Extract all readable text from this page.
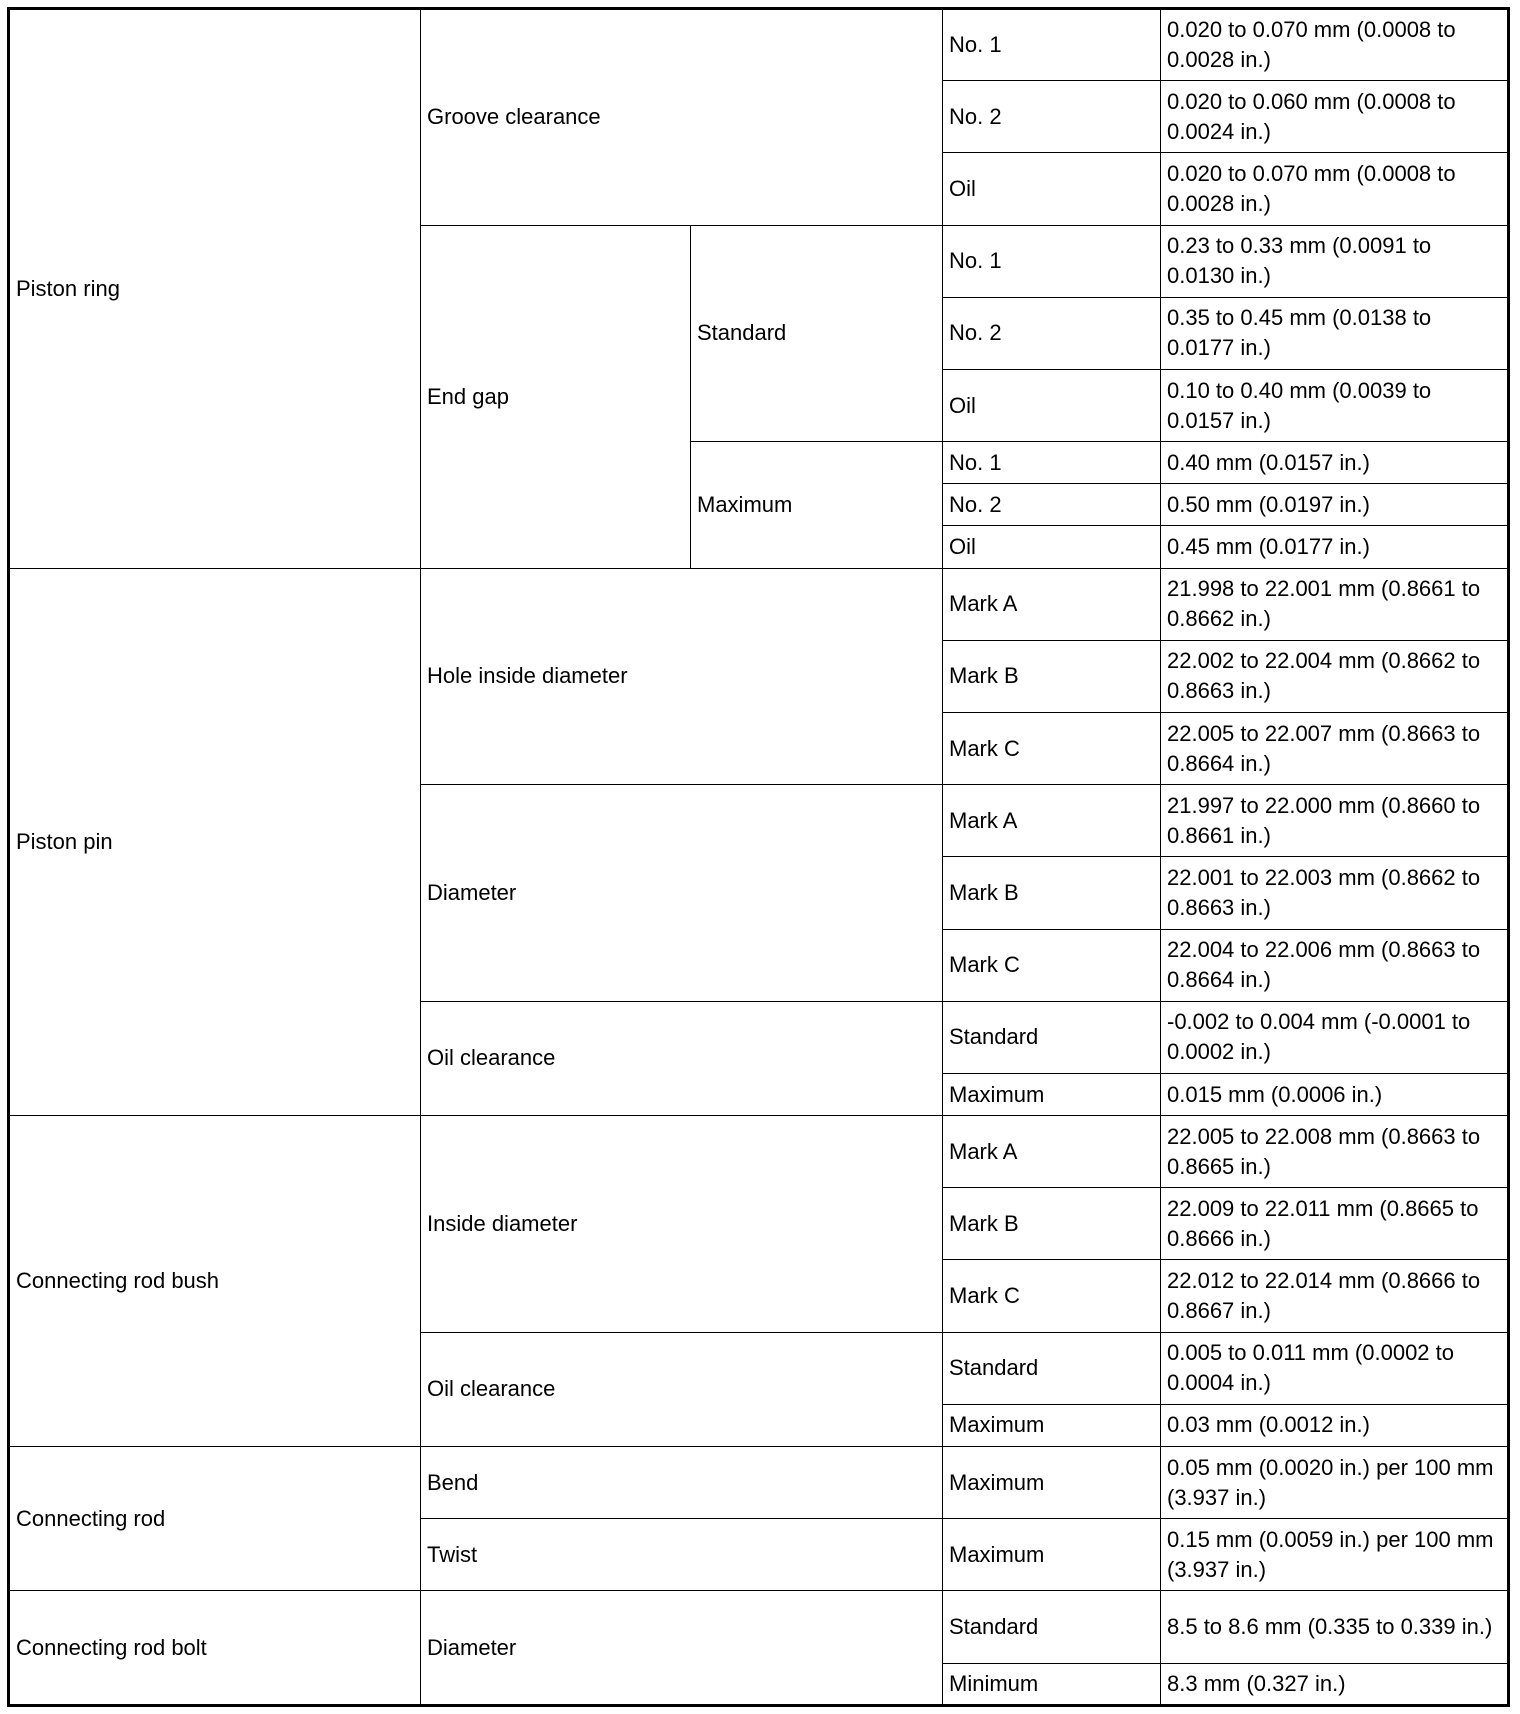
Piston ring	Groove clearance		No. 1	0.020 to 0.070 mm (0.0008 to 0.0028 in.)
			No. 2	0.020 to 0.060 mm (0.0008 to 0.0024 in.)
			Oil	0.020 to 0.070 mm (0.0008 to 0.0028 in.)
	End gap	Standard	No. 1	0.23 to 0.33 mm (0.0091 to 0.0130 in.)
			No. 2	0.35 to 0.45 mm (0.0138 to 0.0177 in.)
			Oil	0.10 to 0.40 mm (0.0039 to 0.0157 in.)
		Maximum	No. 1	0.40 mm (0.0157 in.)
			No. 2	0.50 mm (0.0197 in.)
			Oil	0.45 mm (0.0177 in.)
Piston pin	Hole inside diameter		Mark A	21.998 to 22.001 mm (0.8661 to 0.8662 in.)
			Mark B	22.002 to 22.004 mm (0.8662 to 0.8663 in.)
			Mark C	22.005 to 22.007 mm (0.8663 to 0.8664 in.)
	Diameter		Mark A	21.997 to 22.000 mm (0.8660 to 0.8661 in.)
			Mark B	22.001 to 22.003 mm (0.8662 to 0.8663 in.)
			Mark C	22.004 to 22.006 mm (0.8663 to 0.8664 in.)
	Oil clearance		Standard	-0.002 to 0.004 mm (-0.0001 to 0.0002 in.)
			Maximum	0.015 mm (0.0006 in.)
Connecting rod bush	Inside diameter		Mark A	22.005 to 22.008 mm (0.8663 to 0.8665 in.)
			Mark B	22.009 to 22.011 mm (0.8665 to 0.8666 in.)
			Mark C	22.012 to 22.014 mm (0.8666 to 0.8667 in.)
	Oil clearance		Standard	0.005 to 0.011 mm (0.0002 to 0.0004 in.)
			Maximum	0.03 mm (0.0012 in.)
Connecting rod	Bend		Maximum	0.05 mm (0.0020 in.) per 100 mm (3.937 in.)
	Twist		Maximum	0.15 mm (0.0059 in.) per 100 mm (3.937 in.)
Connecting rod bolt	Diameter		Standard	8.5 to 8.6 mm (0.335 to 0.339 in.)
			Minimum	8.3 mm (0.327 in.)
